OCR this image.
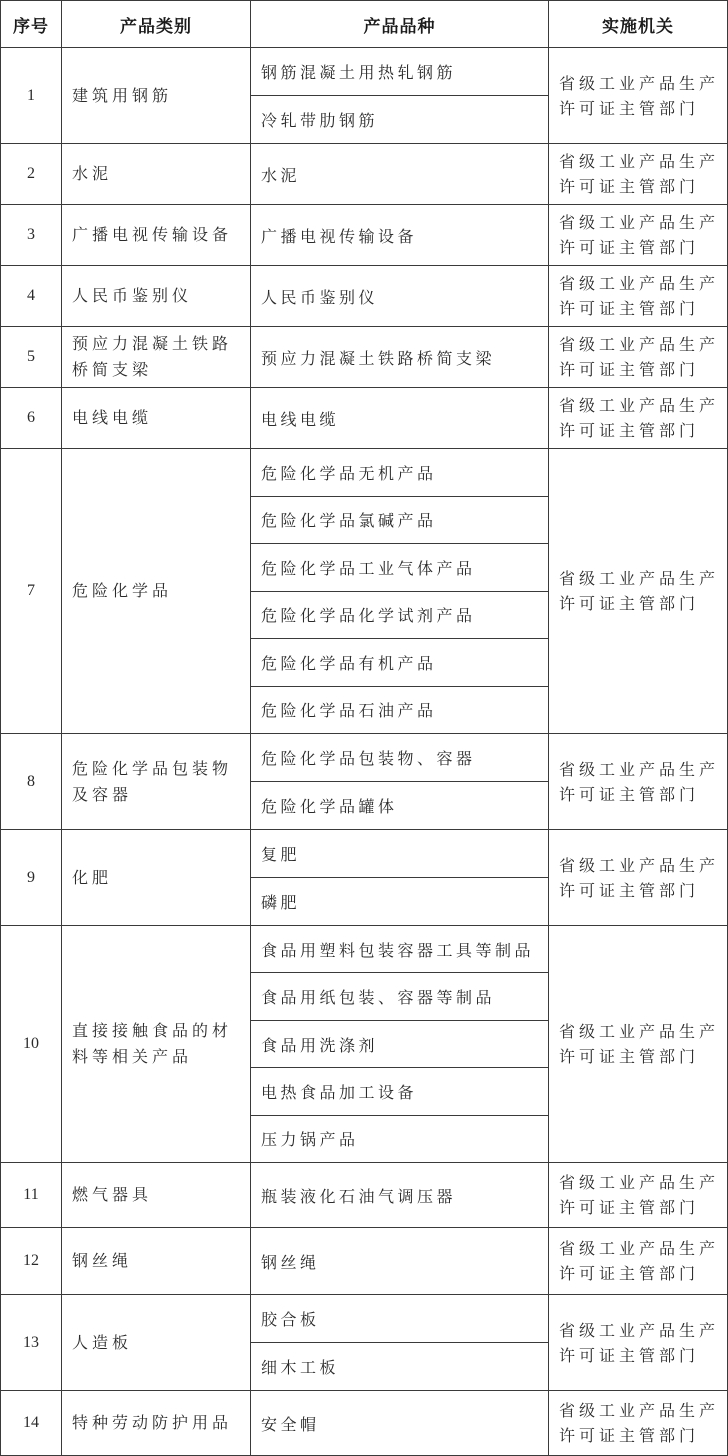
序号	产品类别	产品品种	实施机关
1	建筑用钢筋	钢筋混凝土用热轧钢筋
冷轧带肋钢筋	省级工业产品生产许可证主管部门
2	水泥	水泥	省级工业产品生产许可证主管部门
3	广播电视传输设备	广播电视传输设备	省级工业产品生产许可证主管部门
4	人民币鉴别仪	人民币鉴别仪	省级工业产品生产许可证主管部门
5	预应力混凝土铁路桥简支梁	预应力混凝土铁路桥简支梁	省级工业产品生产许可证主管部门
6	电线电缆	电线电缆	省级工业产品生产许可证主管部门
7	危险化学品	
危险化学品无机产品
危险化学品氯碱产品
危险化学品工业气体产品
危险化学品化学试剂产品
危险化学品有机产品
危险化学品石油产品
	省级工业产品生产许可证主管部门
8	危险化学品包装物及容器	危险化学品包装物、容器
危险化学品罐体	省级工业产品生产许可证主管部门
9	化肥	复肥
磷肥	省级工业产品生产许可证主管部门
10	直接接触食品的材料等相关产品	食品用塑料包装容器工具等制品
食品用纸包装、容器等制品
食品用洗涤剂
电热食品加工设备
压力锅产品	省级工业产品生产许可证主管部门
11	燃气器具	瓶装液化石油气调压器	省级工业产品生产许可证主管部门
12	钢丝绳	钢丝绳	省级工业产品生产许可证主管部门
13	人造板	胶合板
细木工板	省级工业产品生产许可证主管部门
14	特种劳动防护用品	安全帽	省级工业产品生产许可证主管部门
